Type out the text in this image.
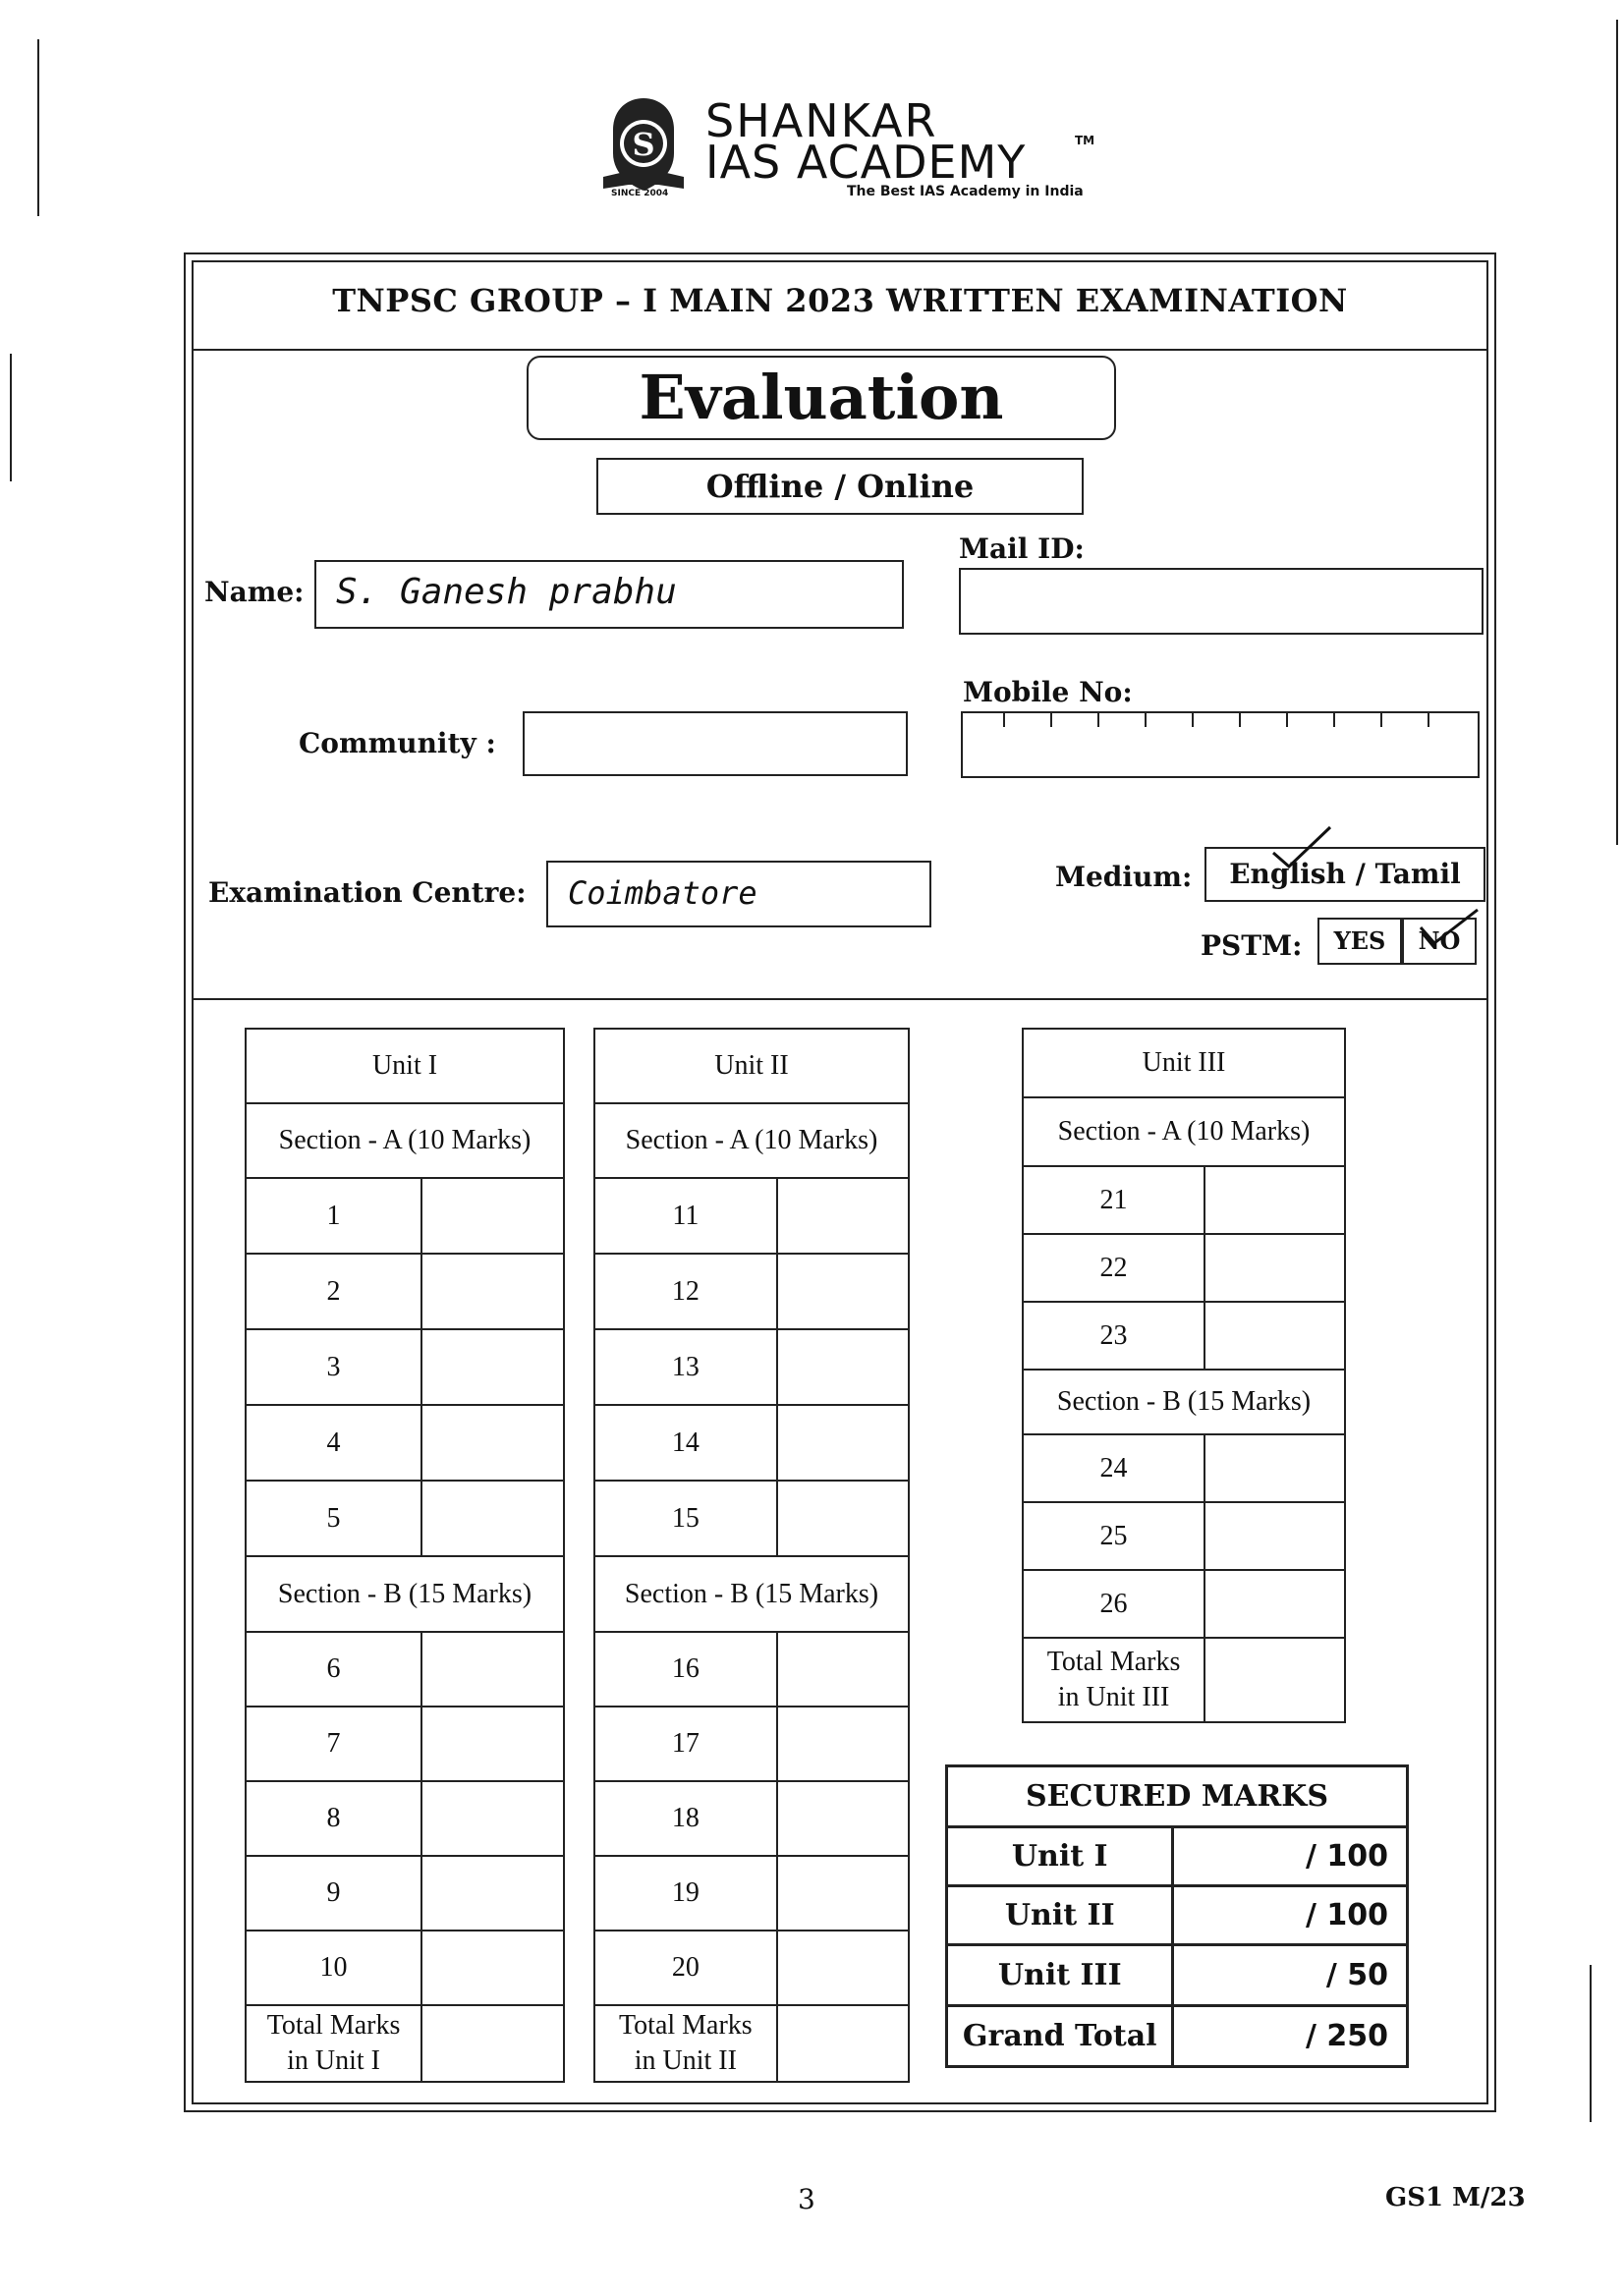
S
SINCE 2004
SHANKAR
IAS ACADEMY	TM
The Best IAS Academy in India
TNPSC GROUP – I MAIN 2023 WRITTEN EXAMINATION
Evaluation
Offline / Online
Name: S. Ganesh prabhu
Mail ID:
Mobile No:
Community :
Examination Centre: Coimbatore	Medium:	English / Tamil
PSTM:	YES	NO
Unit I	
Section - A (10 Marks)	
1	
2	
3	
4	
5	
Section - B (15 Marks)	
6	
7	
8	
9	
10	
Total Marks
in Unit I	
Unit II	
Section - A (10 Marks)	
11	
12	
13	
14	
15	
Section - B (15 Marks)	
16	
17	
18	
19	
20	
Total Marks
in Unit II	
Unit III	
Section - A (10 Marks)	
21	
22	
23	
Section - B (15 Marks)	
24	
25	
26	
Total Marks
in Unit III	
SECURED MARKS	
Unit I	/ 100
Unit II	/ 100
Unit III	/ 50
Grand Total	/ 250
3	GS1 M/23
